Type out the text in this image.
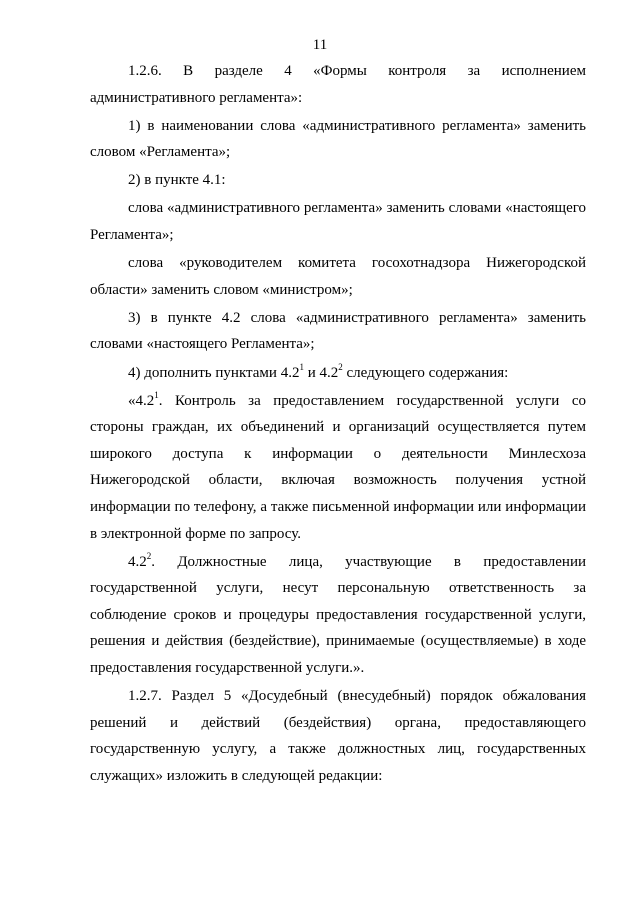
11

1.2.6. В разделе 4 «Формы контроля за исполнением административного регламента»:

1) в наименовании слова «административного регламента» заменить словом «Регламента»;

2) в пункте 4.1:

слова «административного регламента» заменить словами «настоящего Регламента»;

слова «руководителем комитета госохотнадзора Нижегородской области» заменить словом «министром»;

3) в пункте 4.2 слова «административного регламента» заменить словами «настоящего Регламента»;

4) дополнить пунктами $4.2^1$ и $4.2^2$ следующего содержания:

«$4.2^1$. Контроль за предоставлением государственной услуги со стороны граждан, их объединений и организаций осуществляется путем широкого доступа к информации о деятельности Минлесхоза Нижегородской области, включая возможность получения устной информации по телефону, а также письменной информации или информации в электронной форме по запросу.

$4.2^2$. Должностные лица, участвующие в предоставлении государственной услуги, несут персональную ответственность за соблюдение сроков и процедуры предоставления государственной услуги, решения и действия (бездействие), принимаемые (осуществляемые) в ходе предоставления государственной услуги.».

1.2.7. Раздел 5 «Досудебный (внесудебный) порядок обжалования решений и действий (бездействия) органа, предоставляющего государственную услугу, а также должностных лиц, государственных служащих» изложить в следующей редакции:
